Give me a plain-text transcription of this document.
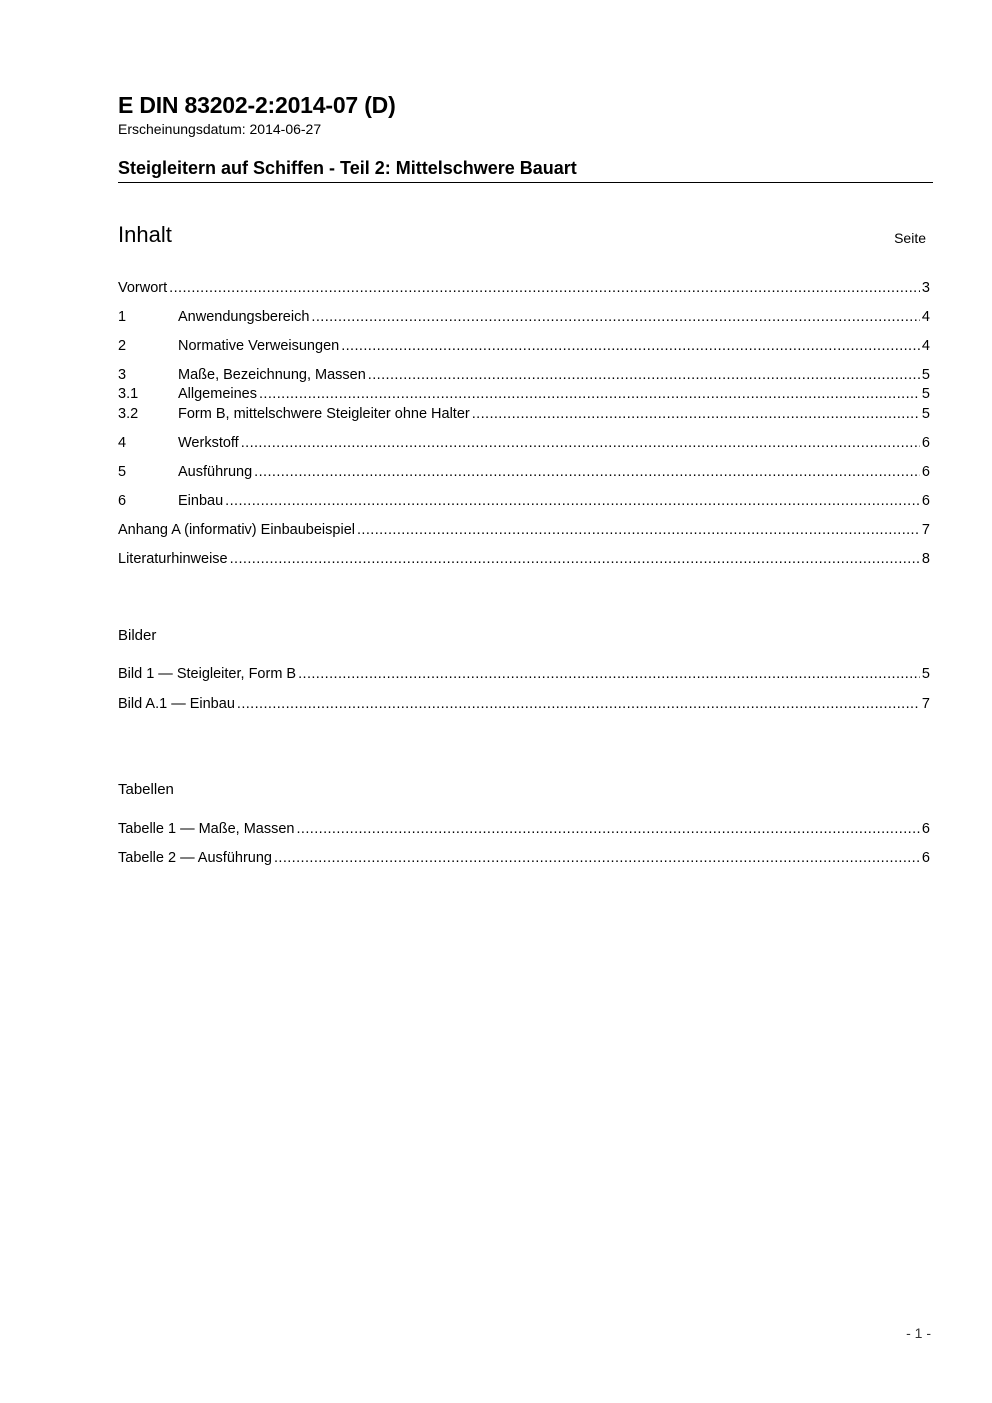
E DIN 83202-2:2014-07 (D)
Erscheinungsdatum: 2014-06-27
Steigleitern auf Schiffen - Teil 2: Mittelschwere Bauart
Inhalt	Seite
Vorwort .....	3
1	Anwendungsbereich .....	4
2	Normative Verweisungen .....	4
3	Maße, Bezeichnung, Massen .....	5
3.1	Allgemeines .....	5
3.2	Form B, mittelschwere Steigleiter ohne Halter .....	5
4	Werkstoff .....	6
5	Ausführung .....	6
6	Einbau .....	6
Anhang A (informativ) Einbaubeispiel .....	7
Literaturhinweise .....	8
Bilder
Bild 1 — Steigleiter, Form B .....	5
Bild A.1 — Einbau .....	7
Tabellen
Tabelle 1 — Maße, Massen .....	6
Tabelle 2 — Ausführung .....	6
- 1 -
